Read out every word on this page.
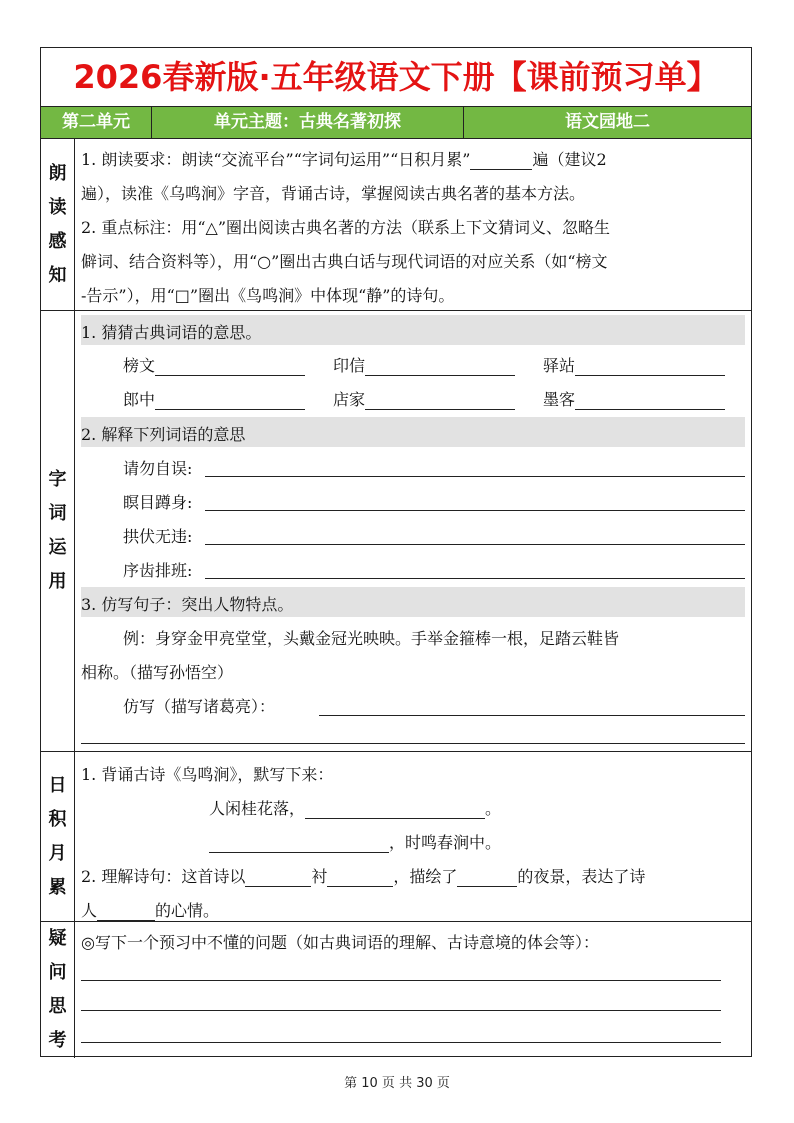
2026春新版·五年级语文下册【课前预习单】
第二单元	单元主题：古典名著初探	语文园地二
朗
读
感
知
1. 朗读要求：朗读“交流平台”“字词句运用”“日积月累”	遍（建议2
遍），读准《乌鸣涧》字音，背诵古诗，掌握阅读古典名著的基本方法。
2. 重点标注：用“△”圈出阅读古典名著的方法（联系上下文猜词义、忽略生
僻词、结合资料等），用“○”圈出古典白话与现代词语的对应关系（如“榜文
-告示”），用“□”圈出《鸟鸣涧》中体现“静”的诗句。
字
词
运
用
1. 猜猜古典词语的意思。
榜文	印信	驿站
郎中	店家	墨客
2. 解释下列词语的意思
请勿自误:
瞑目蹲身:
拱伏无违:
序齿排班:
3. 仿写句子：突出人物特点。
例：身穿金甲亮堂堂，头戴金冠光映映。手举金箍棒一根，足踏云鞋皆
相称。（描写孙悟空）
仿写（描写诸葛亮）：
日
积
月
累
1. 背诵古诗《鸟鸣涧》，默写下来：
人闲桂花落，	。
，时鸣春涧中。
2. 理解诗句：这首诗以	衬	，描绘了	的夜景，表达了诗
人	的心情。
疑
问
思
考
◎写下一个预习中不懂的问题（如古典词语的理解、古诗意境的体会等）：
第 10 页 共 30 页
